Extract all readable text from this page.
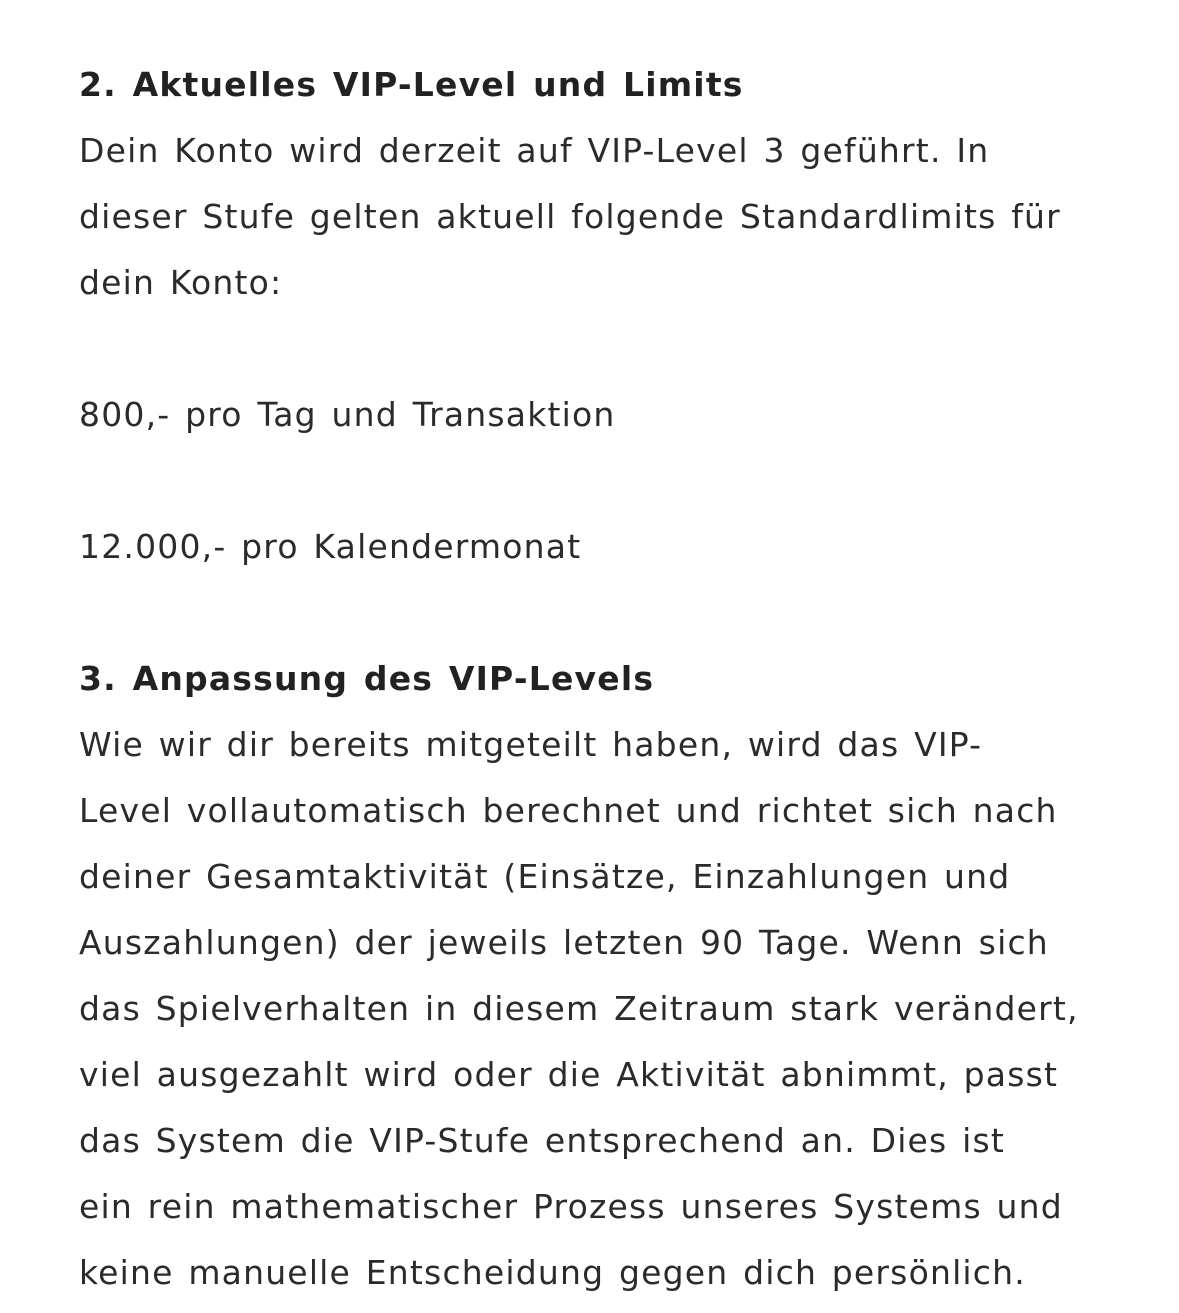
2. Aktuelles VIP-Level und Limits
Dein Konto wird derzeit auf VIP-Level 3 geführt. In
dieser Stufe gelten aktuell folgende Standardlimits für
dein Konto:
800,- pro Tag und Transaktion
12.000,- pro Kalendermonat
3. Anpassung des VIP-Levels
Wie wir dir bereits mitgeteilt haben, wird das VIP-
Level vollautomatisch berechnet und richtet sich nach
deiner Gesamtaktivität (Einsätze, Einzahlungen und
Auszahlungen) der jeweils letzten 90 Tage. Wenn sich
das Spielverhalten in diesem Zeitraum stark verändert,
viel ausgezahlt wird oder die Aktivität abnimmt, passt
das System die VIP-Stufe entsprechend an. Dies ist
ein rein mathematischer Prozess unseres Systems und
keine manuelle Entscheidung gegen dich persönlich.
